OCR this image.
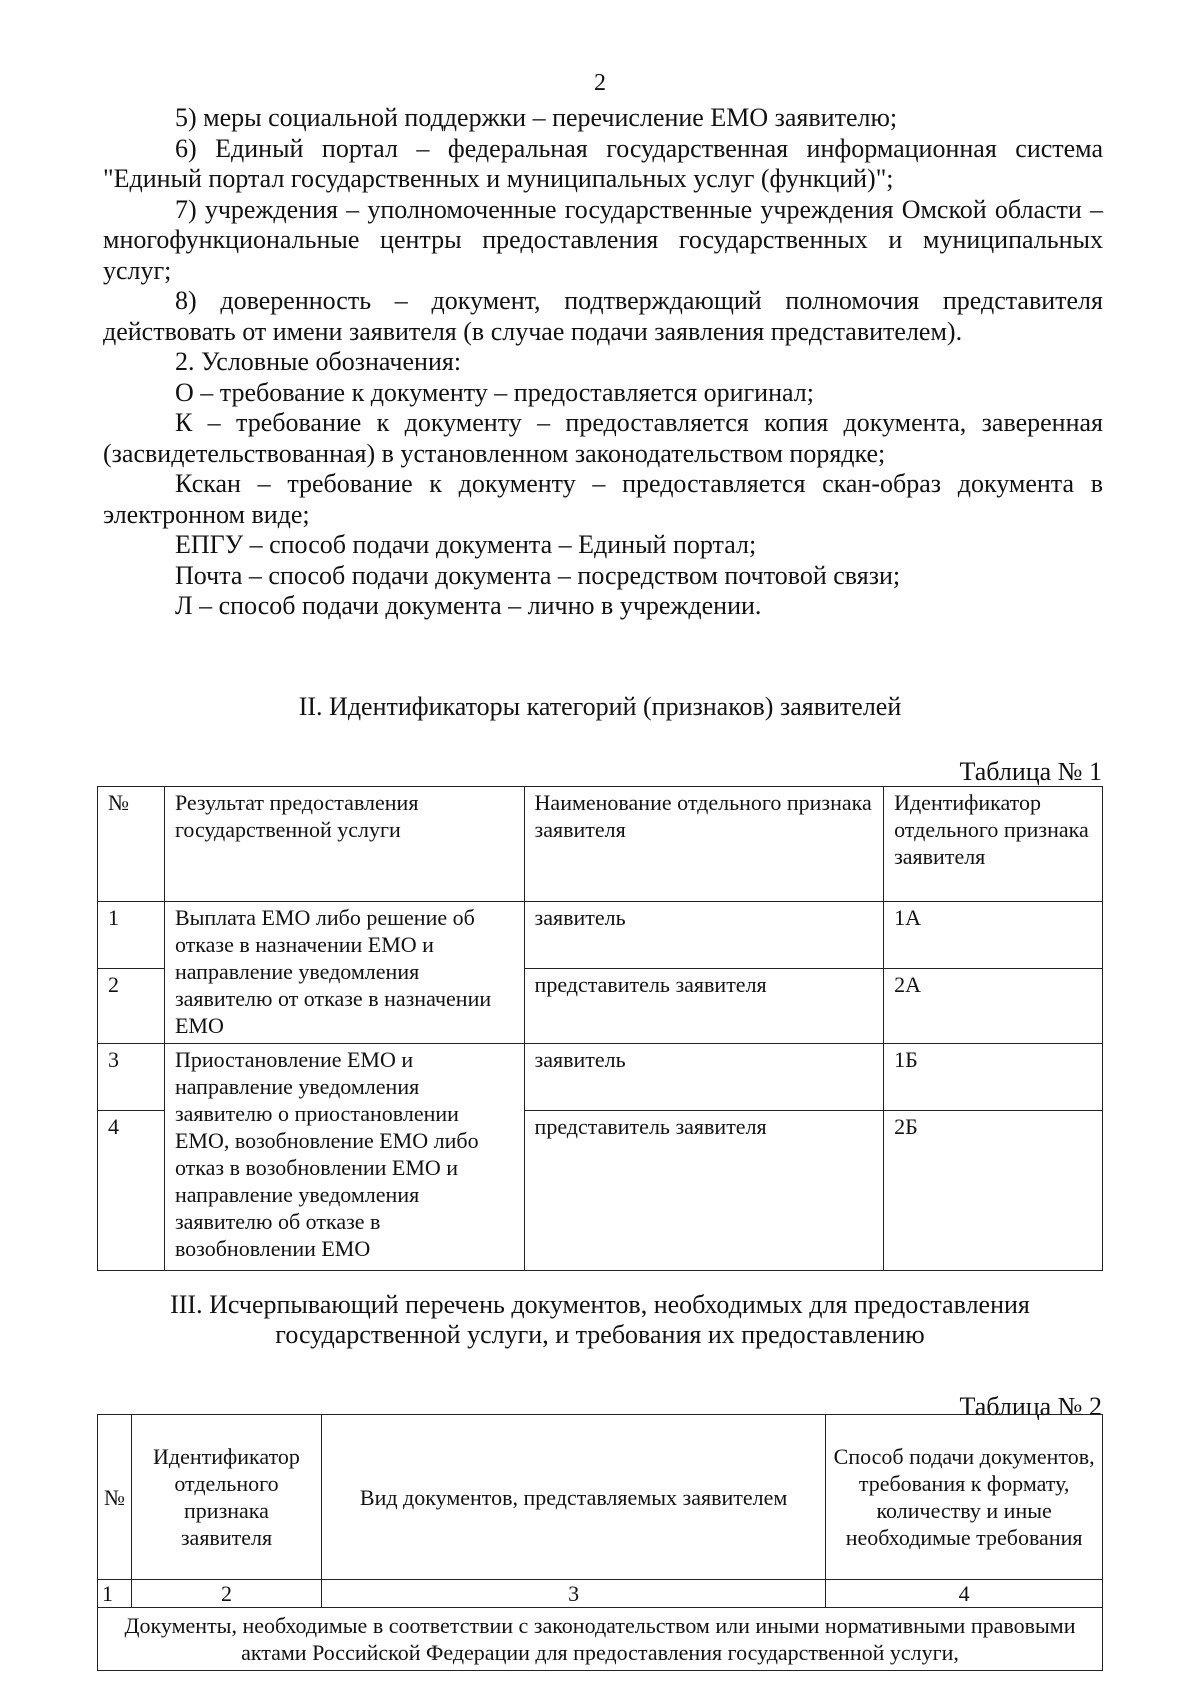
2

5) меры социальной поддержки – перечисление ЕМО заявителю;

6) Единый портал – федеральная государственная информационная система "Единый портал государственных и муниципальных услуг (функций)";

7) учреждения – уполномоченные государственные учреждения Омской области – многофункциональные центры предоставления государственных и муниципальных услуг;

8) доверенность – документ, подтверждающий полномочия представителя действовать от имени заявителя (в случае подачи заявления представителем).

2. Условные обозначения:

О – требование к документу – предоставляется оригинал;

К – требование к документу – предоставляется копия документа, заверенная (засвидетельствованная) в установленном законодательством порядке;

Кскан – требование к документу – предоставляется скан-образ документа в электронном виде;

ЕПГУ – способ подачи документа – Единый портал;

Почта – способ подачи документа – посредством почтовой связи;

Л – способ подачи документа – лично в учреждении.

II. Идентификаторы категорий (признаков) заявителей
Таблица № 1
№	Результат предоставления государственной услуги	Наименование отдельного признака заявителя	Идентификатор отдельного признака заявителя
1	Выплата ЕМО либо решение об отказе в назначении ЕМО и направление уведомления заявителю от отказе в назначении ЕМО	заявитель	1А
2		представитель заявителя	2А
3	Приостановление ЕМО и направление уведомления заявителю о приостановлении ЕМО, возобновление ЕМО либо отказ в возобновлении ЕМО и направление уведомления заявителю об отказе в возобновлении ЕМО	заявитель	1Б
4		представитель заявителя	2Б
III. Исчерпывающий перечень документов, необходимых для предоставления государственной услуги, и требования их предоставлению
Таблица № 2
№	Идентификатор отдельного признака заявителя	Вид документов, представляемых заявителем	Способ подачи документов, требования к формату, количеству и иные необходимые требования
1	2	3	4
Документы, необходимые в соответствии с законодательством или иными нормативными правовыми актами Российской Федерации для предоставления государственной услуги,			
